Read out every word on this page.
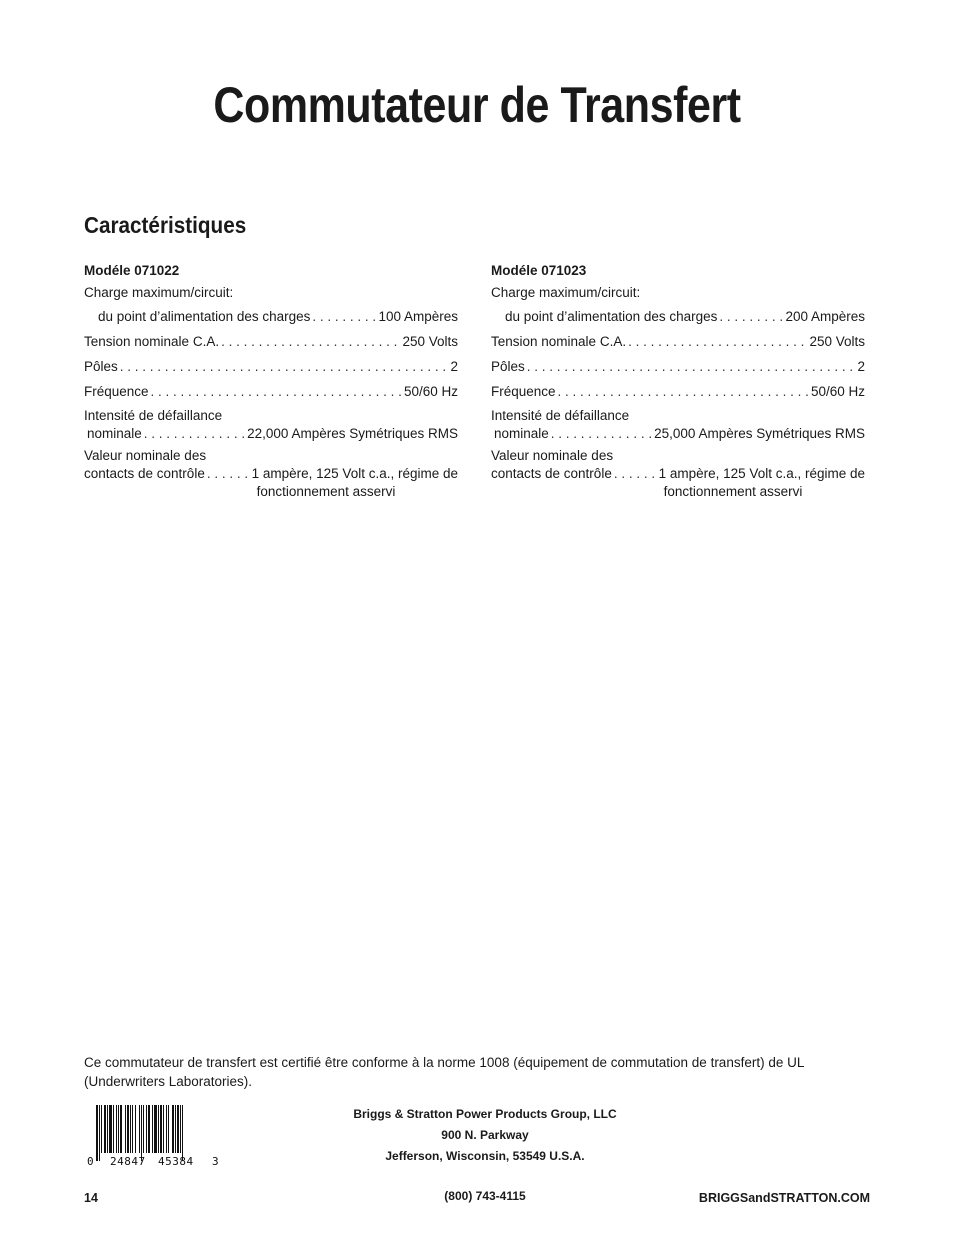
Commutateur de Transfert
Caractéristiques
Modéle 071022
Charge maximum/circuit:
du point d’alimentation des charges . . .	100 Ampères
Tension nominale C.A. . . .	250 Volts
Pôles . . .	2
Fréquence . . .	50/60 Hz
Intensité de défaillance
nominale . . .	22,000 Ampères Symétriques RMS
Valeur nominale des
contacts de contrôle . . .	1 ampère, 125 Volt c.a., régime de
fonctionnement asservi
Modéle 071023
Charge maximum/circuit:
du point d’alimentation des charges . . .	200 Ampères
Tension nominale C.A. . . .	250 Volts
Pôles . . .	2
Fréquence . . .	50/60 Hz
Intensité de défaillance
nominale . . .	25,000 Ampères Symétriques RMS
Valeur nominale des
contacts de contrôle . . .	1 ampère, 125 Volt c.a., régime de
fonctionnement asservi
Ce commutateur de transfert est certifié être conforme à la norme 1008 (équipement de commutation de transfert) de UL (Underwriters Laboratories).
0 24847 45384 3
Briggs & Stratton Power Products Group, LLC
900 N. Parkway
Jefferson, Wisconsin, 53549 U.S.A.
14	(800) 743-4115	BRIGGSandSTRATTON.COM
